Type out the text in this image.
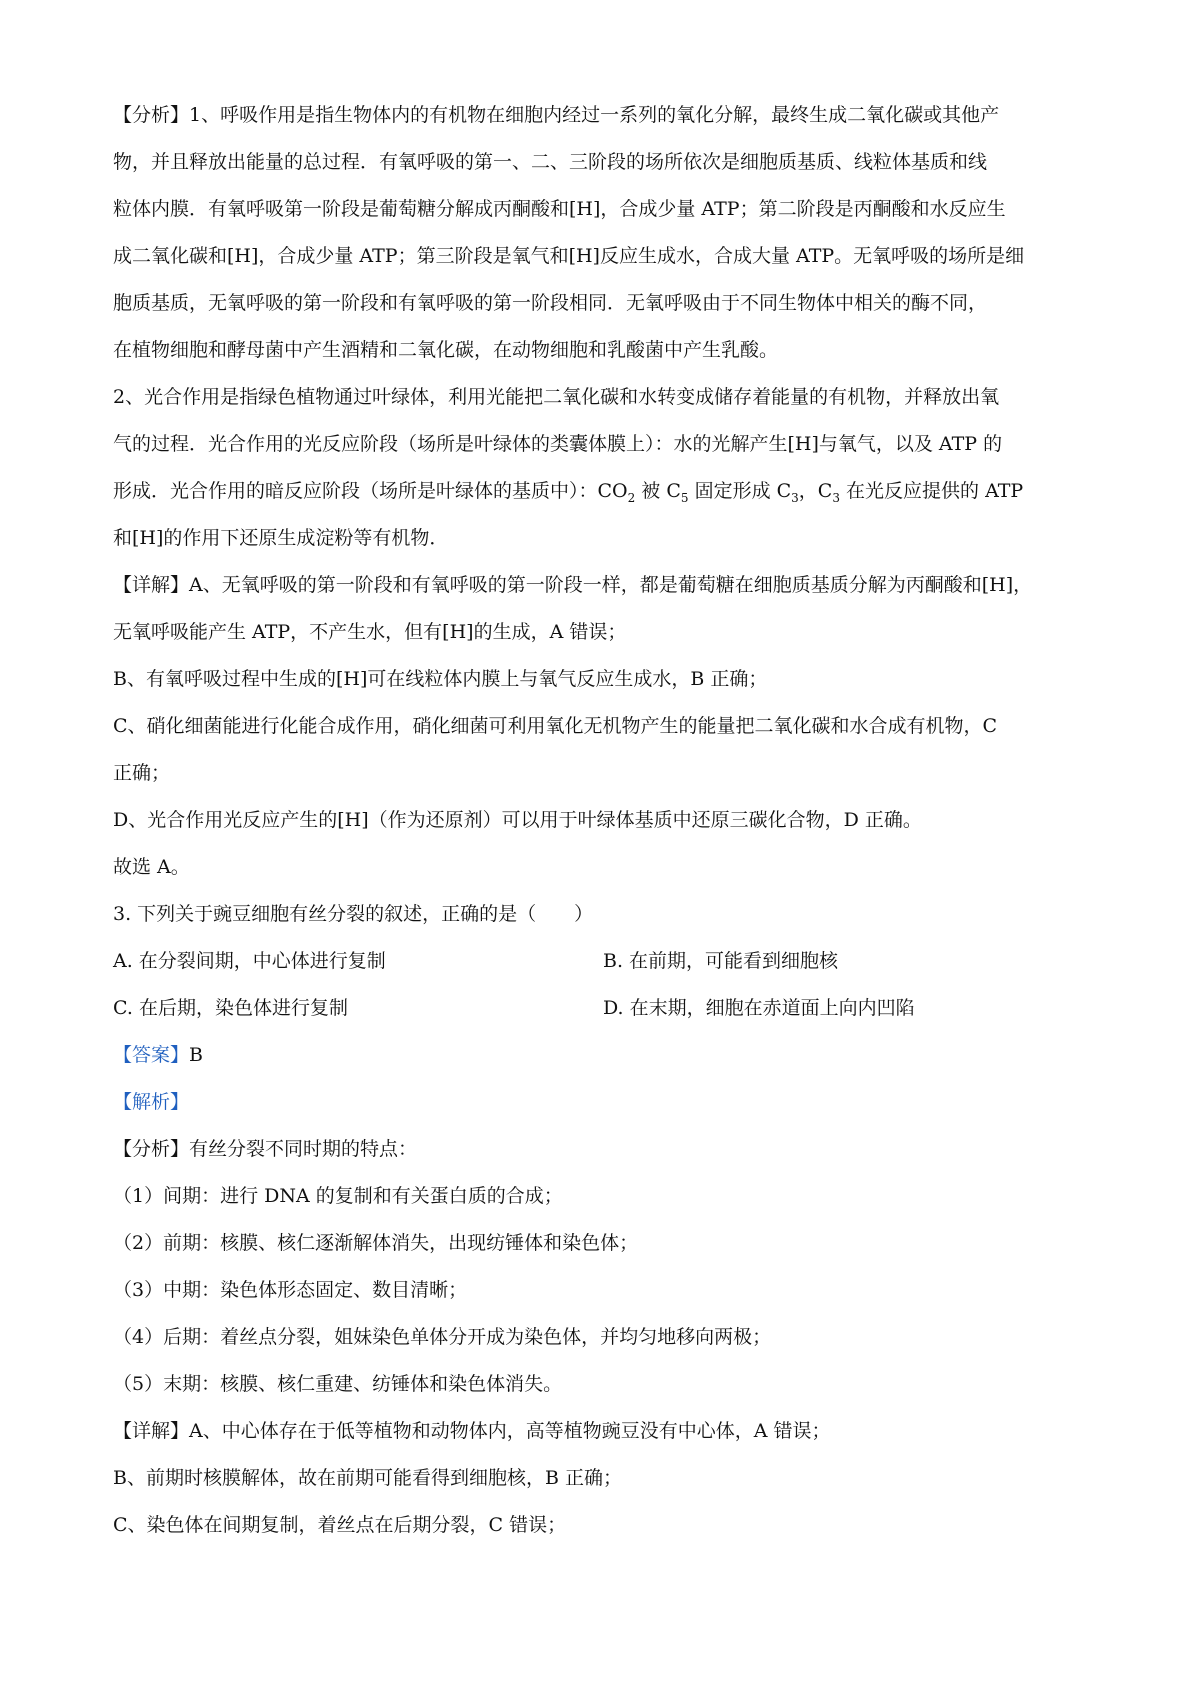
【分析】1、呼吸作用是指生物体内的有机物在细胞内经过一系列的氧化分解，最终生成二氧化碳或其他产

物，并且释放出能量的总过程．有氧呼吸的第一、二、三阶段的场所依次是细胞质基质、线粒体基质和线

粒体内膜．有氧呼吸第一阶段是葡萄糖分解成丙酮酸和[H]，合成少量 ATP；第二阶段是丙酮酸和水反应生

成二氧化碳和[H]，合成少量 ATP；第三阶段是氧气和[H]反应生成水，合成大量 ATP。无氧呼吸的场所是细

胞质基质，无氧呼吸的第一阶段和有氧呼吸的第一阶段相同．无氧呼吸由于不同生物体中相关的酶不同，

在植物细胞和酵母菌中产生酒精和二氧化碳，在动物细胞和乳酸菌中产生乳酸。

2、光合作用是指绿色植物通过叶绿体，利用光能把二氧化碳和水转变成储存着能量的有机物，并释放出氧

气的过程．光合作用的光反应阶段（场所是叶绿体的类囊体膜上）：水的光解产生[H]与氧气，以及 ATP 的

形成．光合作用的暗反应阶段（场所是叶绿体的基质中）：$CO_2$ 被 $C_5$ 固定形成 $C_3$，$C_3$ 在光反应提供的 ATP

和[H]的作用下还原生成淀粉等有机物．

【详解】A、无氧呼吸的第一阶段和有氧呼吸的第一阶段一样，都是葡萄糖在细胞质基质分解为丙酮酸和[H]，

无氧呼吸能产生 ATP，不产生水，但有[H]的生成，A 错误；

B、有氧呼吸过程中生成的[H]可在线粒体内膜上与氧气反应生成水，B 正确；

C、硝化细菌能进行化能合成作用，硝化细菌可利用氧化无机物产生的能量把二氧化碳和水合成有机物，C

正确；

D、光合作用光反应产生的[H]（作为还原剂）可以用于叶绿体基质中还原三碳化合物，D 正确。

故选 A。

3. 下列关于豌豆细胞有丝分裂的叙述，正确的是（　　）

A. 在分裂间期，中心体进行复制	B. 在前期，可能看到细胞核
C. 在后期，染色体进行复制	D. 在末期，细胞在赤道面上向内凹陷

【答案】B

【解析】

【分析】有丝分裂不同时期的特点：

（1）间期：进行 DNA 的复制和有关蛋白质的合成；

（2）前期：核膜、核仁逐渐解体消失，出现纺锤体和染色体；

（3）中期：染色体形态固定、数目清晰；

（4）后期：着丝点分裂，姐妹染色单体分开成为染色体，并均匀地移向两极；

（5）末期：核膜、核仁重建、纺锤体和染色体消失。

【详解】A、中心体存在于低等植物和动物体内，高等植物豌豆没有中心体，A 错误；

B、前期时核膜解体，故在前期可能看得到细胞核，B 正确；

C、染色体在间期复制，着丝点在后期分裂，C 错误；
